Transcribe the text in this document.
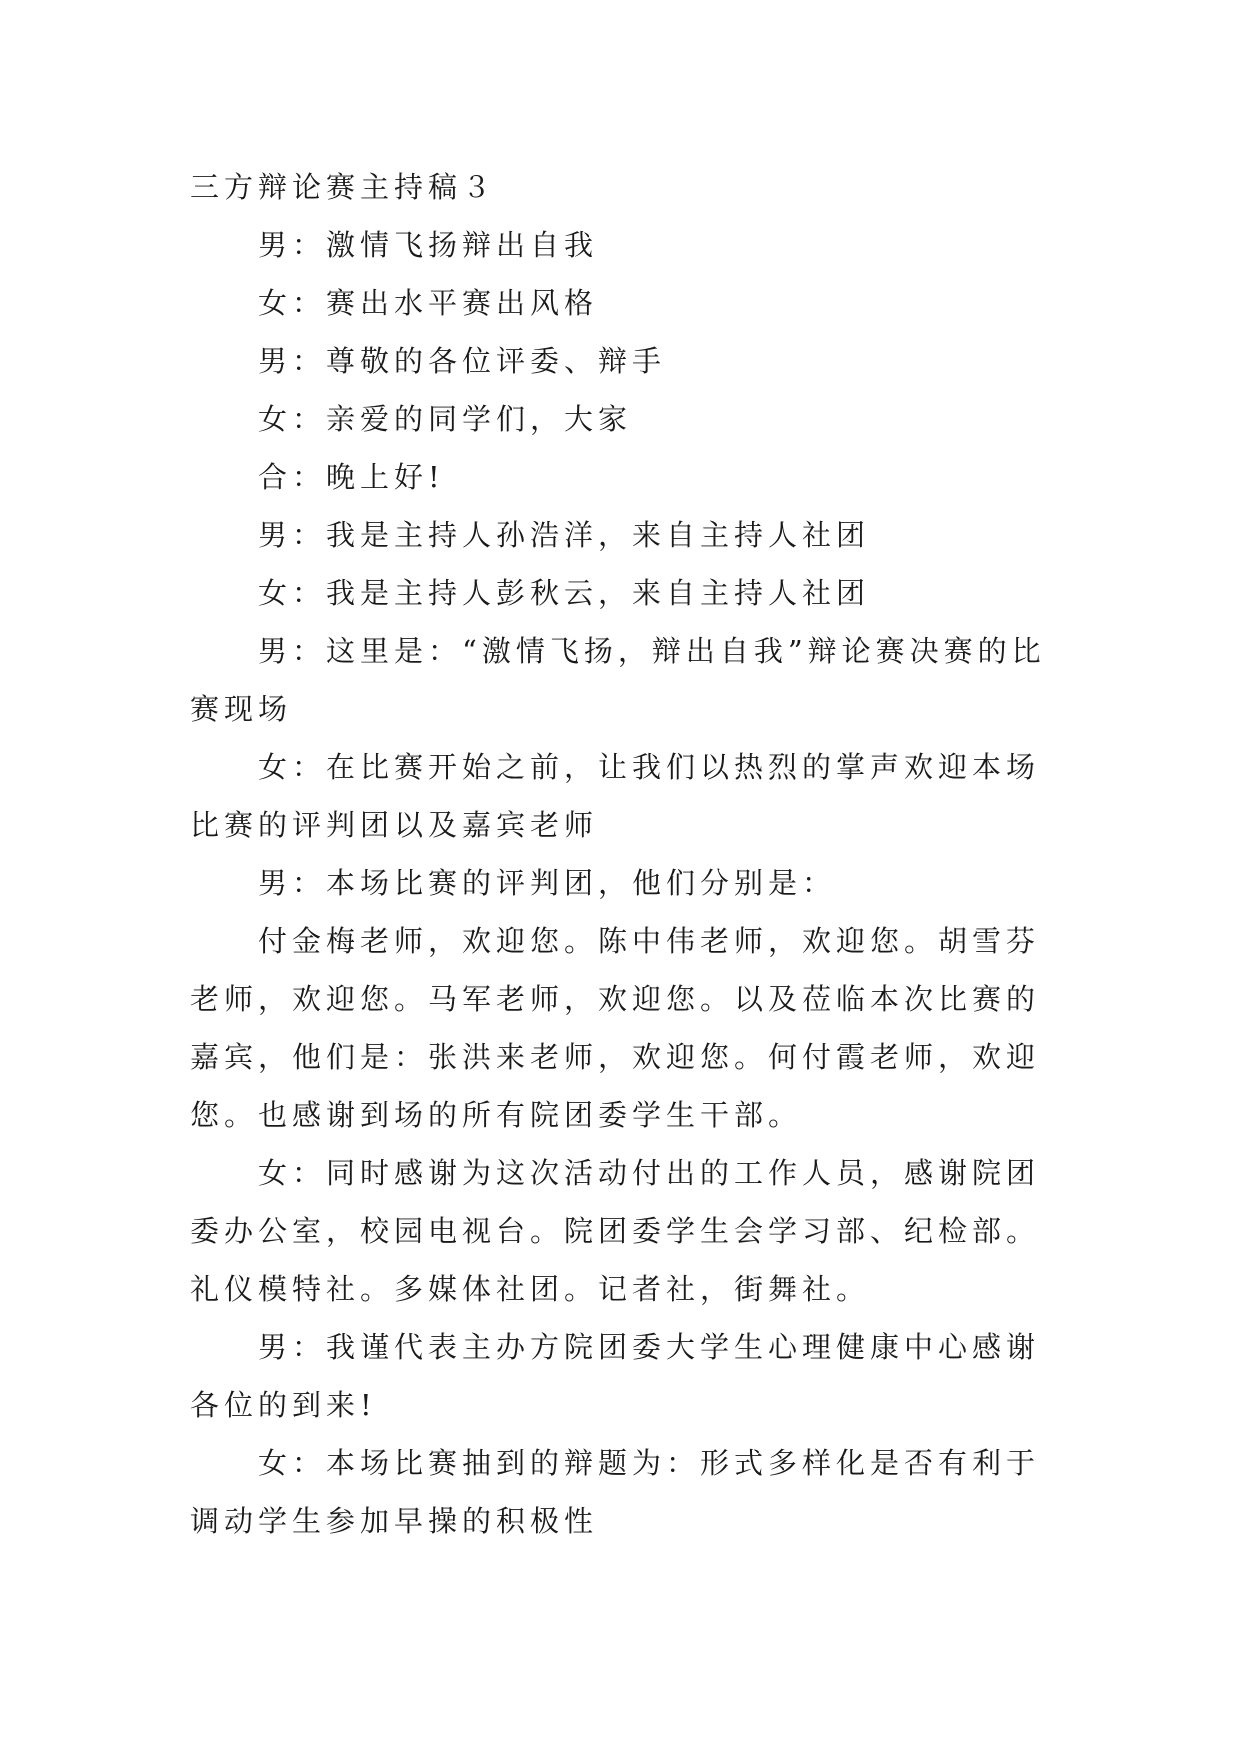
三方辩论赛主持稿３

男：激情飞扬辩出自我

女：赛出水平赛出风格

男：尊敬的各位评委、辩手

女：亲爱的同学们，大家

合：晚上好!

男：我是主持人孙浩洋，来自主持人社团

女：我是主持人彭秋云，来自主持人社团

男：这里是：“激情飞扬，辩出自我”辩论赛决赛的比赛现场

女：在比赛开始之前，让我们以热烈的掌声欢迎本场比赛的评判团以及嘉宾老师

男：本场比赛的评判团，他们分别是：

付金梅老师，欢迎您。陈中伟老师，欢迎您。胡雪芬老师，欢迎您。马军老师，欢迎您。以及莅临本次比赛的嘉宾，他们是：张洪来老师，欢迎您。何付霞老师，欢迎您。也感谢到场的所有院团委学生干部。

女：同时感谢为这次活动付出的工作人员，感谢院团委办公室，校园电视台。院团委学生会学习部、纪检部。礼仪模特社。多媒体社团。记者社，街舞社。

男：我谨代表主办方院团委大学生心理健康中心感谢各位的到来!

女：本场比赛抽到的辩题为：形式多样化是否有利于调动学生参加早操的积极性
